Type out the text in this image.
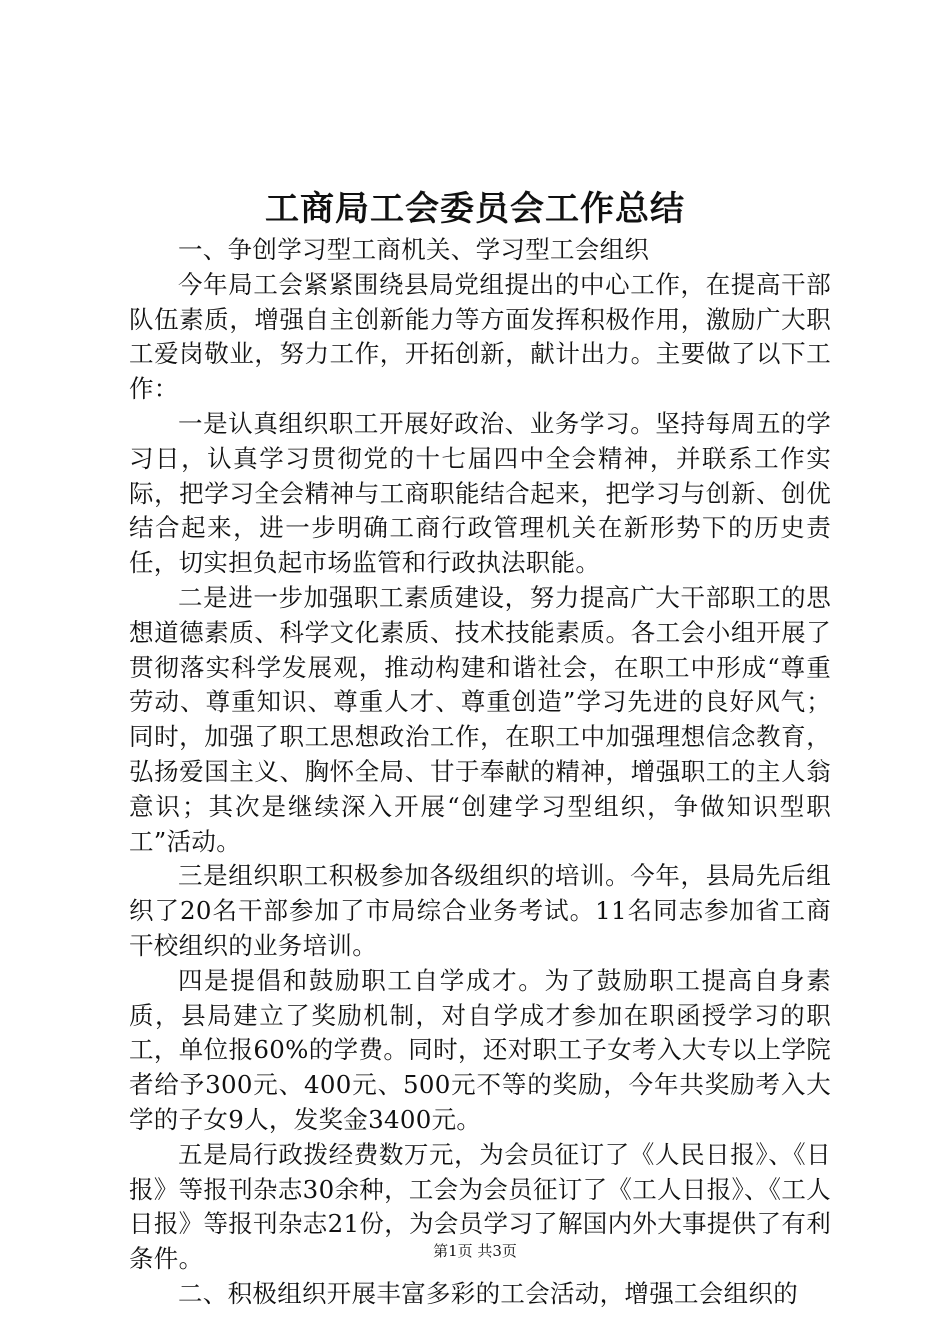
工商局工会委员会工作总结

一、争创学习型工商机关、学习型工会组织

今年局工会紧紧围绕县局党组提出的中心工作，在提高干部队伍素质，增强自主创新能力等方面发挥积极作用，激励广大职工爱岗敬业，努力工作，开拓创新，献计出力。主要做了以下工作：

一是认真组织职工开展好政治、业务学习。坚持每周五的学习日，认真学习贯彻党的十七届四中全会精神，并联系工作实际，把学习全会精神与工商职能结合起来，把学习与创新、创优结合起来，进一步明确工商行政管理机关在新形势下的历史责任，切实担负起市场监管和行政执法职能。

二是进一步加强职工素质建设，努力提高广大干部职工的思想道德素质、科学文化素质、技术技能素质。各工会小组开展了贯彻落实科学发展观，推动构建和谐社会，在职工中形成“尊重劳动、尊重知识、尊重人才、尊重创造”学习先进的良好风气；同时，加强了职工思想政治工作，在职工中加强理想信念教育，弘扬爱国主义、胸怀全局、甘于奉献的精神，增强职工的主人翁意识；其次是继续深入开展“创建学习型组织，争做知识型职工”活动。

三是组织职工积极参加各级组织的培训。今年，县局先后组织了20名干部参加了市局综合业务考试。11名同志参加省工商干校组织的业务培训。

四是提倡和鼓励职工自学成才。为了鼓励职工提高自身素质，县局建立了奖励机制，对自学成才参加在职函授学习的职工，单位报60%的学费。同时，还对职工子女考入大专以上学院者给予300元、400元、500元不等的奖励，今年共奖励考入大学的子女9人，发奖金3400元。

五是局行政拨经费数万元，为会员征订了《人民日报》、《日报》等报刊杂志30余种，工会为会员征订了《工人日报》、《工人日报》等报刊杂志21份，为会员学习了解国内外大事提供了有利条件。

二、积极组织开展丰富多彩的工会活动，增强工会组织的

第1页 共3页
